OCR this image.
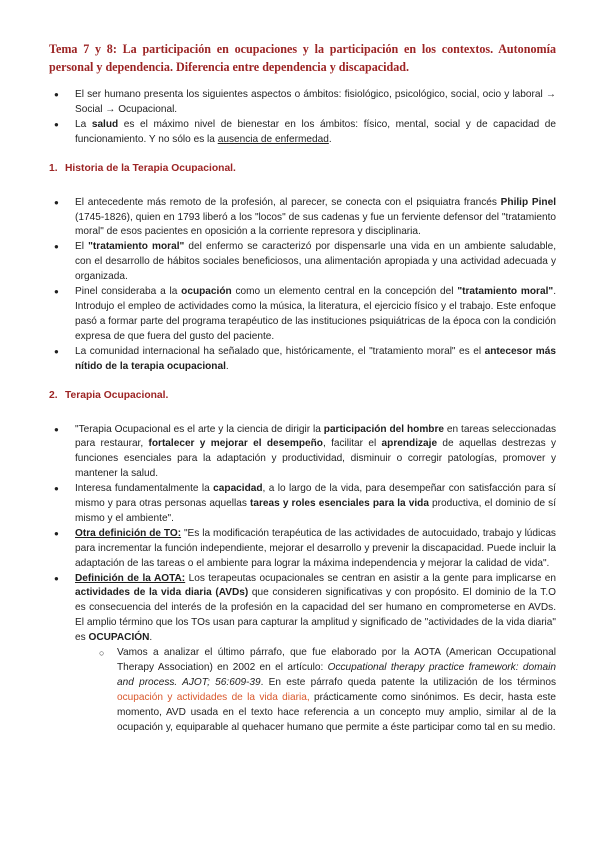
Tema 7 y 8: La participación en ocupaciones y la participación en los contextos. Autonomía personal y dependencia. Diferencia entre dependencia y discapacidad.
● El ser humano presenta los siguientes aspectos o ámbitos: fisiológico, psicológico, social, ocio y laboral → Social → Ocupacional.
● La salud es el máximo nivel de bienestar en los ámbitos: físico, mental, social y de capacidad de funcionamiento. Y no sólo es la ausencia de enfermedad.
1. Historia de la Terapia Ocupacional.
● El antecedente más remoto de la profesión, al parecer, se conecta con el psiquiatra francés Philip Pinel (1745-1826), quien en 1793 liberó a los "locos" de sus cadenas y fue un ferviente defensor del "tratamiento moral" de esos pacientes en oposición a la corriente represora y disciplinaria.
● El "tratamiento moral" del enfermo se caracterizó por dispensarle una vida en un ambiente saludable, con el desarrollo de hábitos sociales beneficiosos, una alimentación apropiada y una actividad adecuada y organizada.
● Pinel consideraba a la ocupación como un elemento central en la concepción del "tratamiento moral". Introdujo el empleo de actividades como la música, la literatura, el ejercicio físico y el trabajo. Este enfoque pasó a formar parte del programa terapéutico de las instituciones psiquiátricas de la época con la condición expresa de que fuera del gusto del paciente.
● La comunidad internacional ha señalado que, históricamente, el "tratamiento moral" es el antecesor más nítido de la terapia ocupacional.
2. Terapia Ocupacional.
● "Terapia Ocupacional es el arte y la ciencia de dirigir la participación del hombre en tareas seleccionadas para restaurar, fortalecer y mejorar el desempeño, facilitar el aprendizaje de aquellas destrezas y funciones esenciales para la adaptación y productividad, disminuir o corregir patologías, promover y mantener la salud.
● Interesa fundamentalmente la capacidad, a lo largo de la vida, para desempeñar con satisfacción para sí mismo y para otras personas aquellas tareas y roles esenciales para la vida productiva, el dominio de sí mismo y el ambiente".
● Otra definición de TO: "Es la modificación terapéutica de las actividades de autocuidado, trabajo y lúdicas para incrementar la función independiente, mejorar el desarrollo y prevenir la discapacidad. Puede incluir la adaptación de las tareas o el ambiente para lograr la máxima independencia y mejorar la calidad de vida".
● Definición de la AOTA: Los terapeutas ocupacionales se centran en asistir a la gente para implicarse en actividades de la vida diaria (AVDs) que consideren significativas y con propósito. El dominio de la T.O es consecuencia del interés de la profesión en la capacidad del ser humano en comprometerse en AVDs. El amplio término que los TOs usan para capturar la amplitud y significado de "actividades de la vida diaria" es OCUPACIÓN.
○ Vamos a analizar el último párrafo, que fue elaborado por la AOTA (American Occupational Therapy Association) en 2002 en el artículo: Occupational therapy practice framework: domain and process. AJOT; 56:609-39. En este párrafo queda patente la utilización de los términos ocupación y actividades de la vida diaria, prácticamente como sinónimos. Es decir, hasta este momento, AVD usada en el texto hace referencia a un concepto muy amplio, similar al de la ocupación y, equiparable al quehacer humano que permite a éste participar como tal en su medio.
